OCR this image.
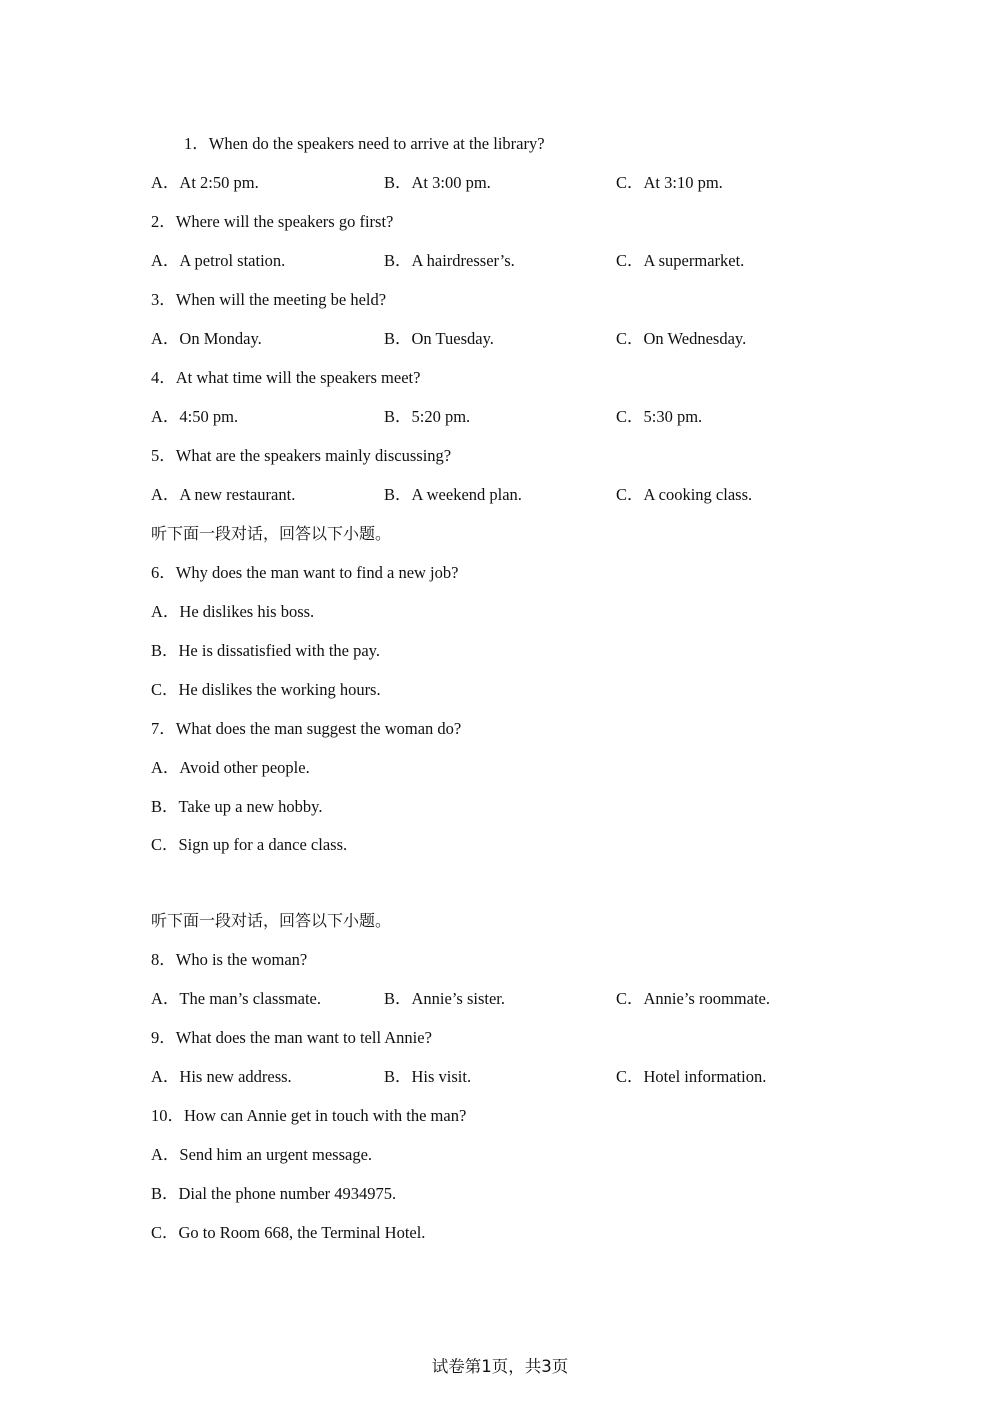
1．When do the speakers need to arrive at the library?
A．At 2:50 pm.	B．At 3:00 pm.	C．At 3:10 pm.
2．Where will the speakers go first?
A．A petrol station.	B．A hairdresser’s.	C．A supermarket.
3．When will the meeting be held?
A．On Monday.	B．On Tuesday.	C．On Wednesday.
4．At what time will the speakers meet?
A．4:50 pm.	B．5:20 pm.	C．5:30 pm.
5．What are the speakers mainly discussing?
A．A new restaurant.	B．A weekend plan.	C．A cooking class.
听下面一段对话，回答以下小题。
6．Why does the man want to find a new job?
A．He dislikes his boss.
B．He is dissatisfied with the pay.
C．He dislikes the working hours.
7．What does the man suggest the woman do?
A．Avoid other people.
B．Take up a new hobby.
C．Sign up for a dance class.
听下面一段对话，回答以下小题。
8．Who is the woman?
A．The man’s classmate.	B．Annie’s sister.	C．Annie’s roommate.
9．What does the man want to tell Annie?
A．His new address.	B．His visit.	C．Hotel information.
10．How can Annie get in touch with the man?
A．Send him an urgent message.
B．Dial the phone number 4934975.
C．Go to Room 668, the Terminal Hotel.
试卷第1页，共3页
